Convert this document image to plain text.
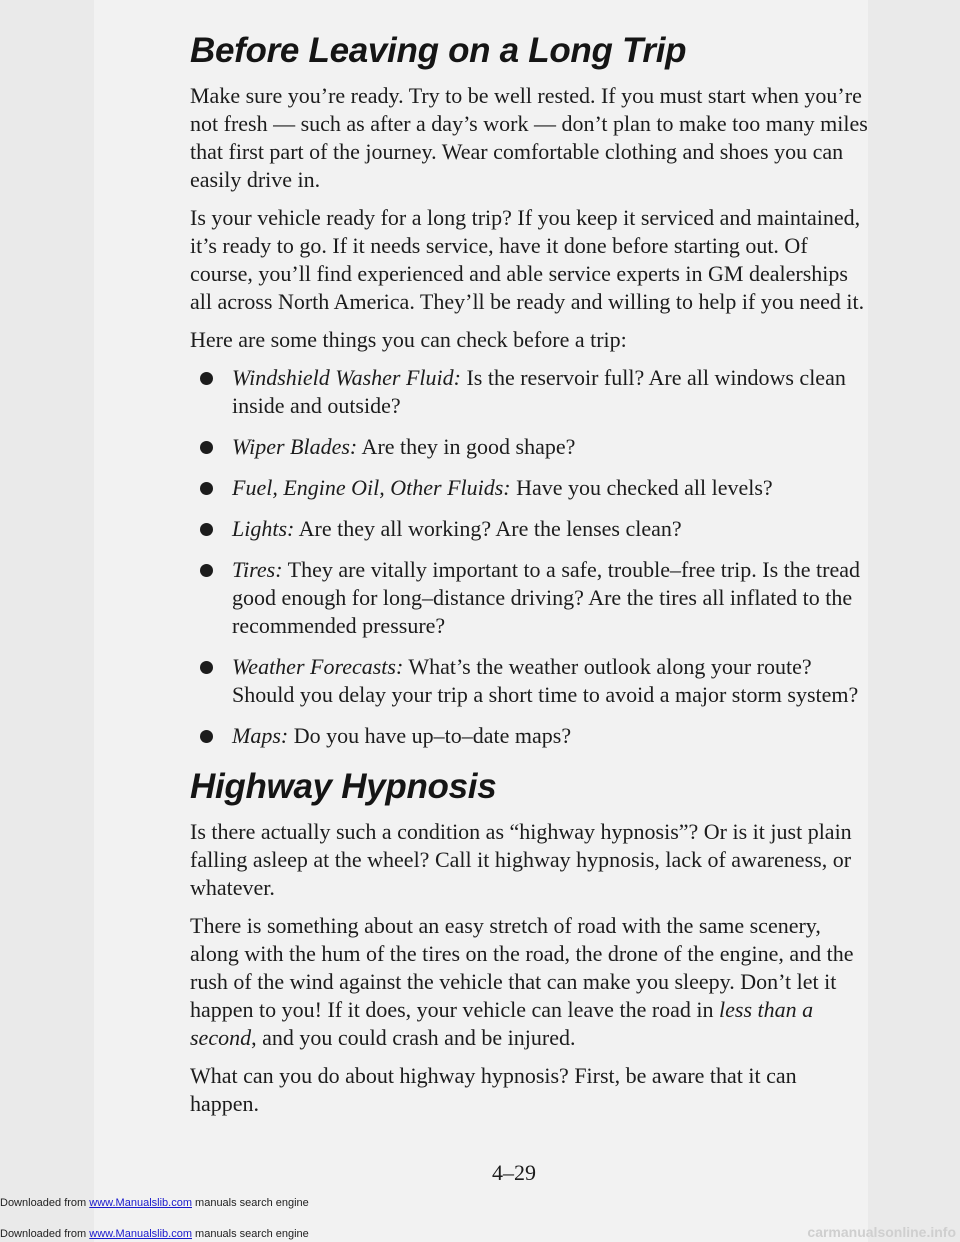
Downloaded from www.Manualslib.com manuals search engine
Downloaded from www.Manualslib.com manuals search engine	carmanualsonline.info
Before Leaving on a Long Trip

Make sure you’re ready. Try to be well rested. If you must start when you’re not fresh — such as after a day’s work — don’t plan to make too many miles that first part of the journey. Wear comfortable clothing and shoes you can easily drive in.

Is your vehicle ready for a long trip? If you keep it serviced and maintained, it’s ready to go. If it needs service, have it done before starting out. Of course, you’ll find experienced and able service experts in GM dealerships all across North America. They’ll be ready and willing to help if you need it.

Here are some things you can check before a trip:

Windshield Washer Fluid: Is the reservoir full? Are all windows clean inside and outside?
Wiper Blades: Are they in good shape?
Fuel, Engine Oil, Other Fluids: Have you checked all levels?
Lights: Are they all working? Are the lenses clean?
Tires: They are vitally important to a safe, trouble–free trip. Is the tread good enough for long–distance driving? Are the tires all inflated to the recommended pressure?
Weather Forecasts: What’s the weather outlook along your route? Should you delay your trip a short time to avoid a major storm system?
Maps: Do you have up–to–date maps?
Highway Hypnosis

Is there actually such a condition as “highway hypnosis”? Or is it just plain falling asleep at the wheel? Call it highway hypnosis, lack of awareness, or whatever.

There is something about an easy stretch of road with the same scenery, along with the hum of the tires on the road, the drone of the engine, and the rush of the wind against the vehicle that can make you sleepy. Don’t let it happen to you! If it does, your vehicle can leave the road in less than a second, and you could crash and be injured.

What can you do about highway hypnosis? First, be aware that it can happen.

4–29
